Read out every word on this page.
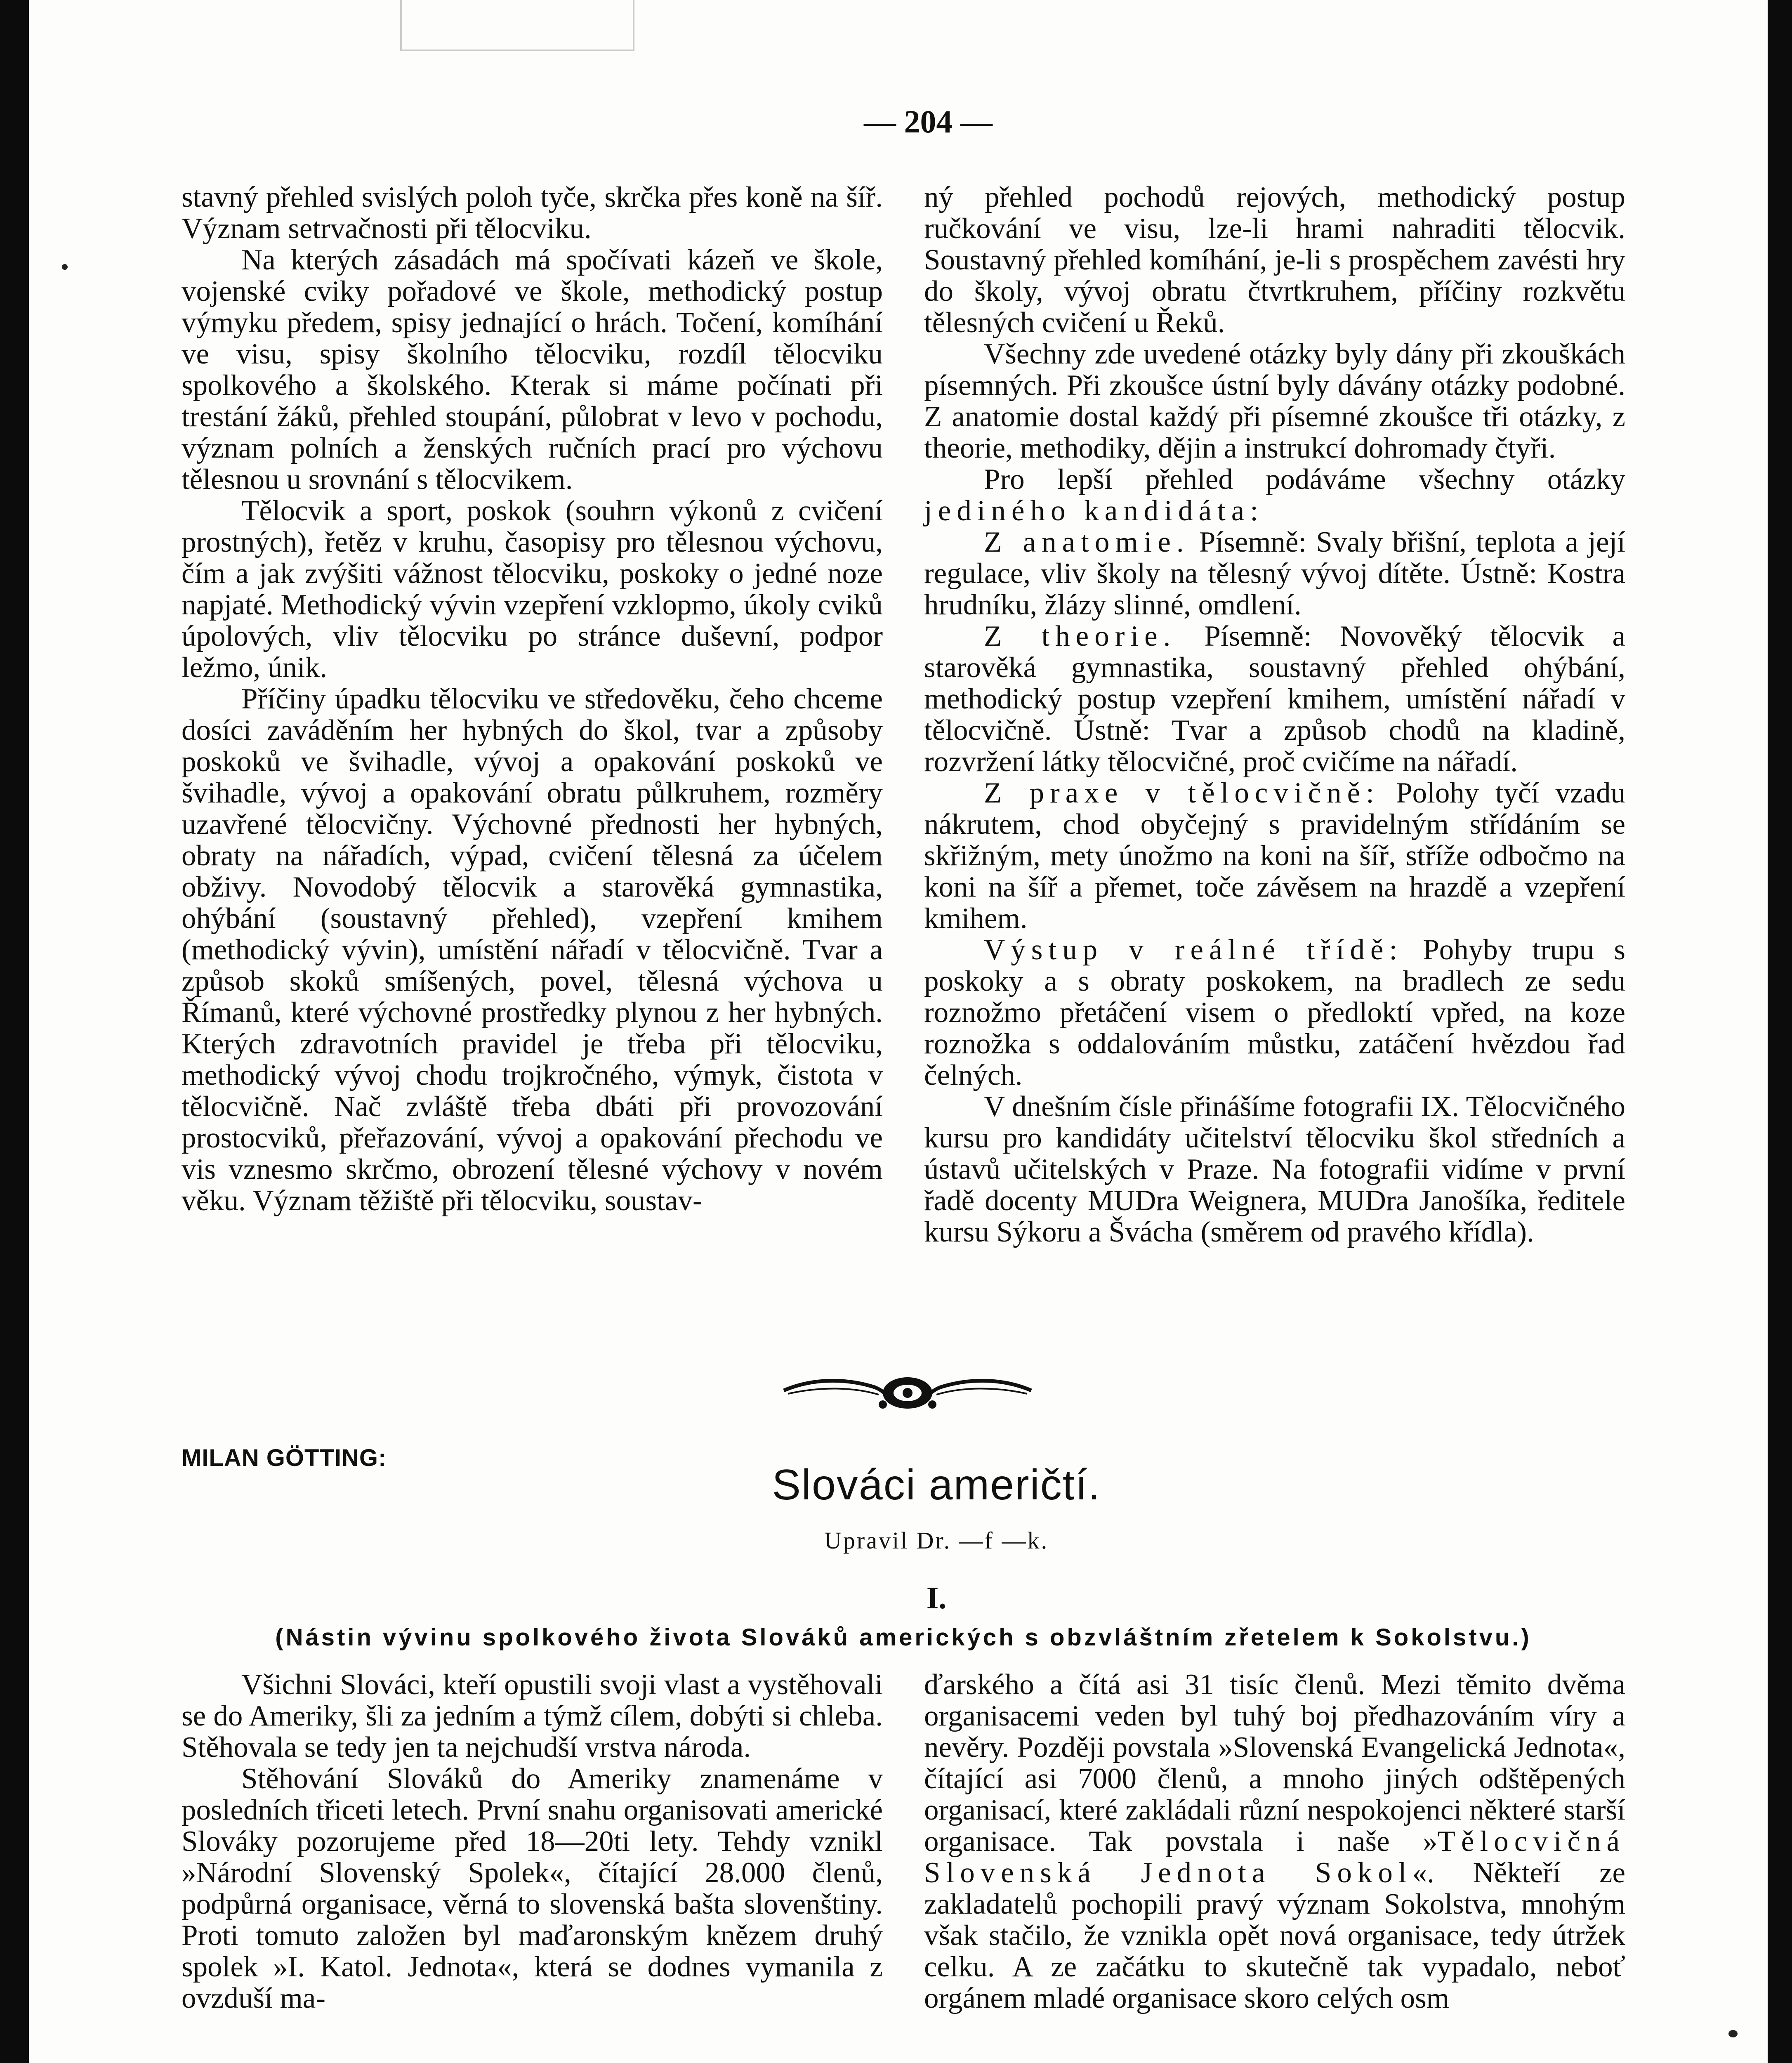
— 204 —

stavný přehled svislých poloh tyče, skrčka přes koně na šíř. Význam setrvačnosti při tělocviku.

Na kterých zásadách má spočívati kázeň ve škole, vojenské cviky pořadové ve škole, methodický postup výmyku předem, spisy jednající o hrách. Točení, komíhání ve visu, spisy školního tělocviku, rozdíl tělocviku spolkového a školského. Kterak si máme počínati při trestání žáků, přehled stoupání, půlobrat v levo v pochodu, význam polních a ženských ručních prací pro výchovu tělesnou u srovnání s tělocvikem.

Tělocvik a sport, poskok (souhrn výkonů z cvičení prostných), řetěz v kruhu, časopisy pro tělesnou výchovu, čím a jak zvýšiti vážnost tělocviku, poskoky o jedné noze napjaté. Methodický vývin vzepření vzklopmo, úkoly cviků úpolových, vliv tělocviku po stránce duševní, podpor ležmo, únik.

Příčiny úpadku tělocviku ve středověku, čeho chceme dosíci zaváděním her hybných do škol, tvar a způsoby poskoků ve švihadle, vývoj a opakování poskoků ve švihadle, vývoj a opakování obratu půlkruhem, rozměry uzavřené tělocvičny. Výchovné přednosti her hybných, obraty na nářadích, výpad, cvičení tělesná za účelem obživy. Novodobý tělocvik a starověká gymnastika, ohýbání (soustavný přehled), vzepření kmihem (methodický vývin), umístění nářadí v tělocvičně. Tvar a způsob skoků smíšených, povel, tělesná výchova u Římanů, které výchovné prostředky plynou z her hybných. Kterých zdravotních pravidel je třeba při tělocviku, methodický vývoj chodu trojkročného, výmyk, čistota v tělocvičně. Nač zvláště třeba dbáti při provozování prostocviků, přeřazování, vývoj a opakování přechodu ve vis vznesmo skrčmo, obrození tělesné výchovy v novém věku. Význam těžiště při tělocviku, soustav-

ný přehled pochodů rejových, methodický postup ručkování ve visu, lze-li hrami nahraditi tělocvik. Soustavný přehled komíhání, je-li s prospěchem zavésti hry do školy, vývoj obratu čtvrtkruhem, příčiny rozkvětu tělesných cvičení u Řeků.

Všechny zde uvedené otázky byly dány při zkouškách písemných. Při zkoušce ústní byly dávány otázky podobné. Z anatomie dostal každý při písemné zkoušce tři otázky, z theorie, methodiky, dějin a instrukcí dohromady čtyři.

Pro lepší přehled podáváme všechny otázky jediného kandidáta:

Z anatomie. Písemně: Svaly břišní, teplota a její regulace, vliv školy na tělesný vývoj dítěte. Ústně: Kostra hrudníku, žlázy slinné, omdlení.

Z theorie. Písemně: Novověký tělocvik a starověká gymnastika, soustavný přehled ohýbání, methodický postup vzepření kmihem, umístění nářadí v tělocvičně. Ústně: Tvar a způsob chodů na kladině, rozvržení látky tělocvičné, proč cvičíme na nářadí.

Z praxe v tělocvičně: Polohy tyčí vzadu nákrutem, chod obyčejný s pravidelným střídáním se skřižným, mety únožmo na koni na šíř, stříže odbočmo na koni na šíř a přemet, toče závěsem na hrazdě a vzepření kmihem.

Výstup v reálné třídě: Pohyby trupu s poskoky a s obraty poskokem, na bradlech ze sedu roznožmo přetáčení visem o předloktí vpřed, na koze roznožka s oddalováním můstku, zatáčení hvězdou řad čelných.

V dnešním čísle přinášíme fotografii IX. Tělocvičného kursu pro kandidáty učitelství tělocviku škol středních a ústavů učitelských v Praze. Na fotografii vidíme v první řadě docenty MUDra Weignera, MUDra Janošíka, ředitele kursu Sýkoru a Švácha (směrem od pravého křídla).

MILAN GÖTTING:
Slováci američtí.
Upravil Dr. —f —k.
I.
(Nástin vývinu spolkového života Slováků amerických s obzvláštním zřetelem k Sokolstvu.)

Všichni Slováci, kteří opustili svoji vlast a vystěhovali se do Ameriky, šli za jedním a týmž cílem, dobýti si chleba. Stěhovala se tedy jen ta nejchudší vrstva národa.

Stěhování Slováků do Ameriky znamenáme v posledních třiceti letech. První snahu organisovati americké Slováky pozorujeme před 18—20ti lety. Tehdy vznikl »Národní Slovenský Spolek«, čítající 28.000 členů, podpůrná organisace, věrná to slovenská bašta slovenštiny. Proti tomuto založen byl maďaronským knězem druhý spolek »I. Katol. Jednota«, která se dodnes vymanila z ovzduší ma-

ďarského a čítá asi 31 tisíc členů. Mezi těmito dvěma organisacemi veden byl tuhý boj předhazováním víry a nevěry. Později povstala »Slovenská Evangelická Jednota«, čítající asi 7000 členů, a mnoho jiných odštěpených organisací, které zakládali různí nespokojenci některé starší organisace. Tak povstala i naše »Tělocvičná Slovenská Jednota Sokol«. Někteří ze zakladatelů pochopili pravý význam Sokolstva, mnohým však stačilo, že vznikla opět nová organisace, tedy útržek celku. A ze začátku to skutečně tak vypadalo, neboť orgánem mladé organisace skoro celých osm
